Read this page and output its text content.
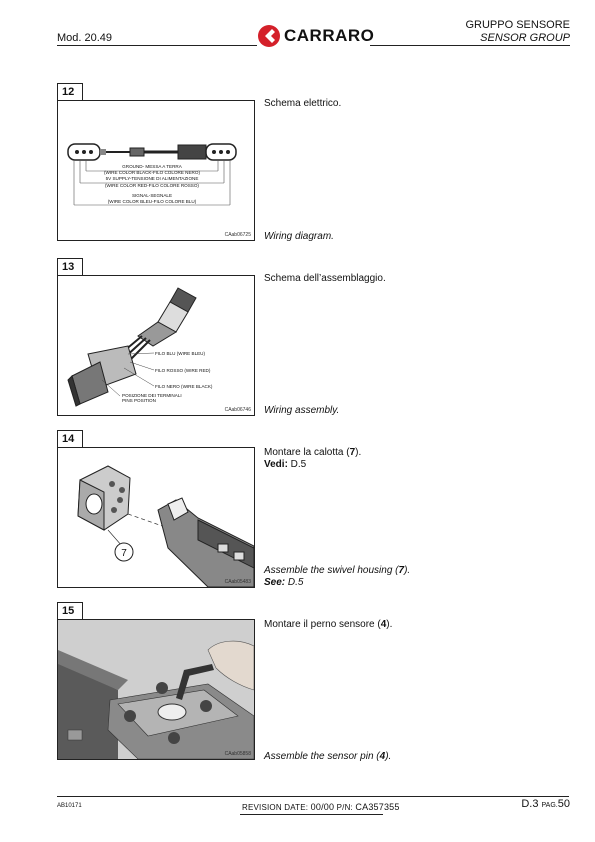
Mod. 20.49	CARRARO
GRUPPO SENSORE
SENSOR GROUP
12
GROUND- MESSA A TERRA
(WIRE COLOR BLACK-FILO COLORE NERO)
5V SUPPLY-TENSIONE DI ALIMENTAZIONE
(WIRE COLOR RED-FILO COLORE ROSSO)
SIGNAL-SEGNALE
(WIRE COLOR BLEU-FILO COLORE BLU)
CAab06725
Schema elettrico.
Wiring diagram.
13
FILO BLU (WIRE BLEU)
FILO ROSSO (WIRE RED)
FILO NERO (WIRE BLACK)
POSIZIONE DEI TERMINALI
PINS POSITION
CAab06746
Schema dell’assemblaggio.
Wiring assembly.
14
7
CAab05483
Montare la calotta (7).
Vedi: D.5
Assemble the swivel housing (7).
See: D.5
15
CAab05858
Montare il perno sensore (4).
Assemble the sensor pin (4).
AB10171	REVISION DATE: 00/00 P/N: CA357355	D.3 PAG.50
